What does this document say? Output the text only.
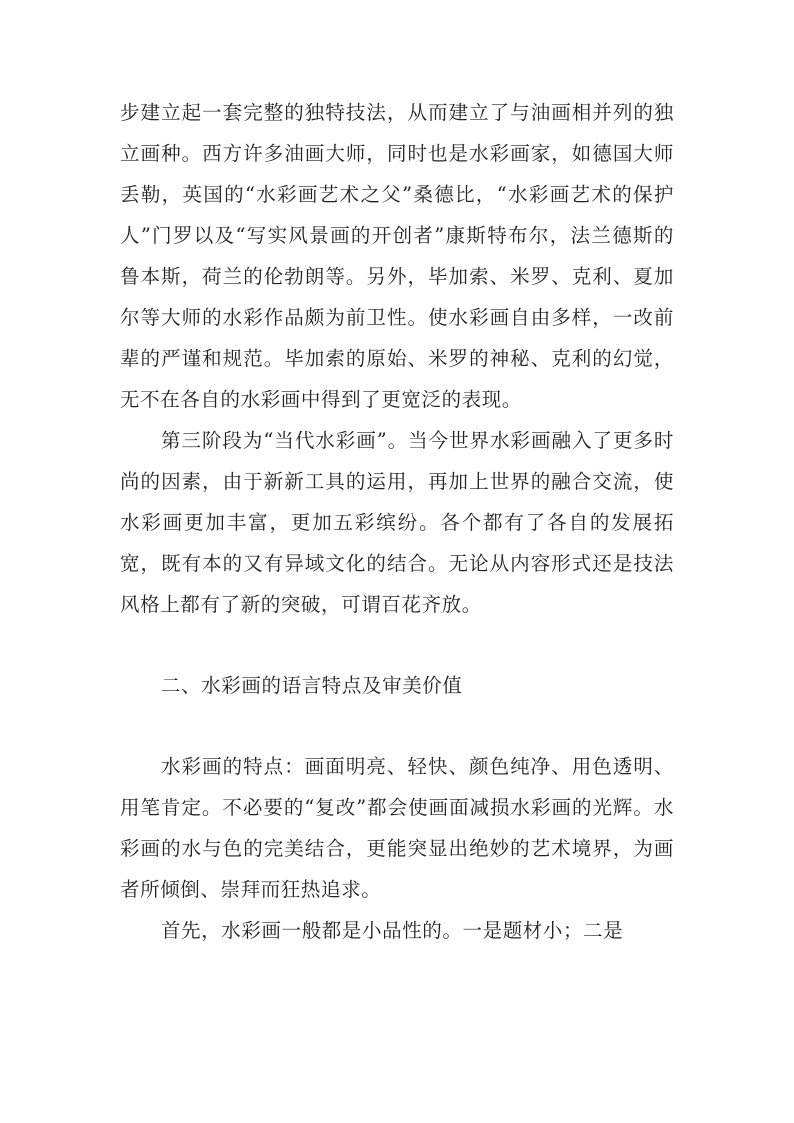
步建立起一套完整的独特技法，从而建立了与油画相并列的独立画种。西方许多油画大师，同时也是水彩画家，如德国大师丢勒，英国的“水彩画艺术之父”桑德比，“水彩画艺术的保护人”门罗以及“写实风景画的开创者”康斯特布尔，法兰德斯的鲁本斯，荷兰的伦勃朗等。另外，毕加索、米罗、克利、夏加尔等大师的水彩作品颇为前卫性。使水彩画自由多样，一改前辈的严谨和规范。毕加索的原始、米罗的神秘、克利的幻觉，无不在各自的水彩画中得到了更宽泛的表现。

第三阶段为“当代水彩画”。当今世界水彩画融入了更多时尚的因素，由于新新工具的运用，再加上世界的融合交流，使水彩画更加丰富，更加五彩缤纷。各个都有了各自的发展拓宽，既有本的又有异域文化的结合。无论从内容形式还是技法风格上都有了新的突破，可谓百花齐放。

二、水彩画的语言特点及审美价值

水彩画的特点：画面明亮、轻快、颜色纯净、用色透明、用笔肯定。不必要的“复改”都会使画面减损水彩画的光辉。水彩画的水与色的完美结合，更能突显出绝妙的艺术境界，为画者所倾倒、崇拜而狂热追求。

首先，水彩画一般都是小品性的。一是题材小；二是
